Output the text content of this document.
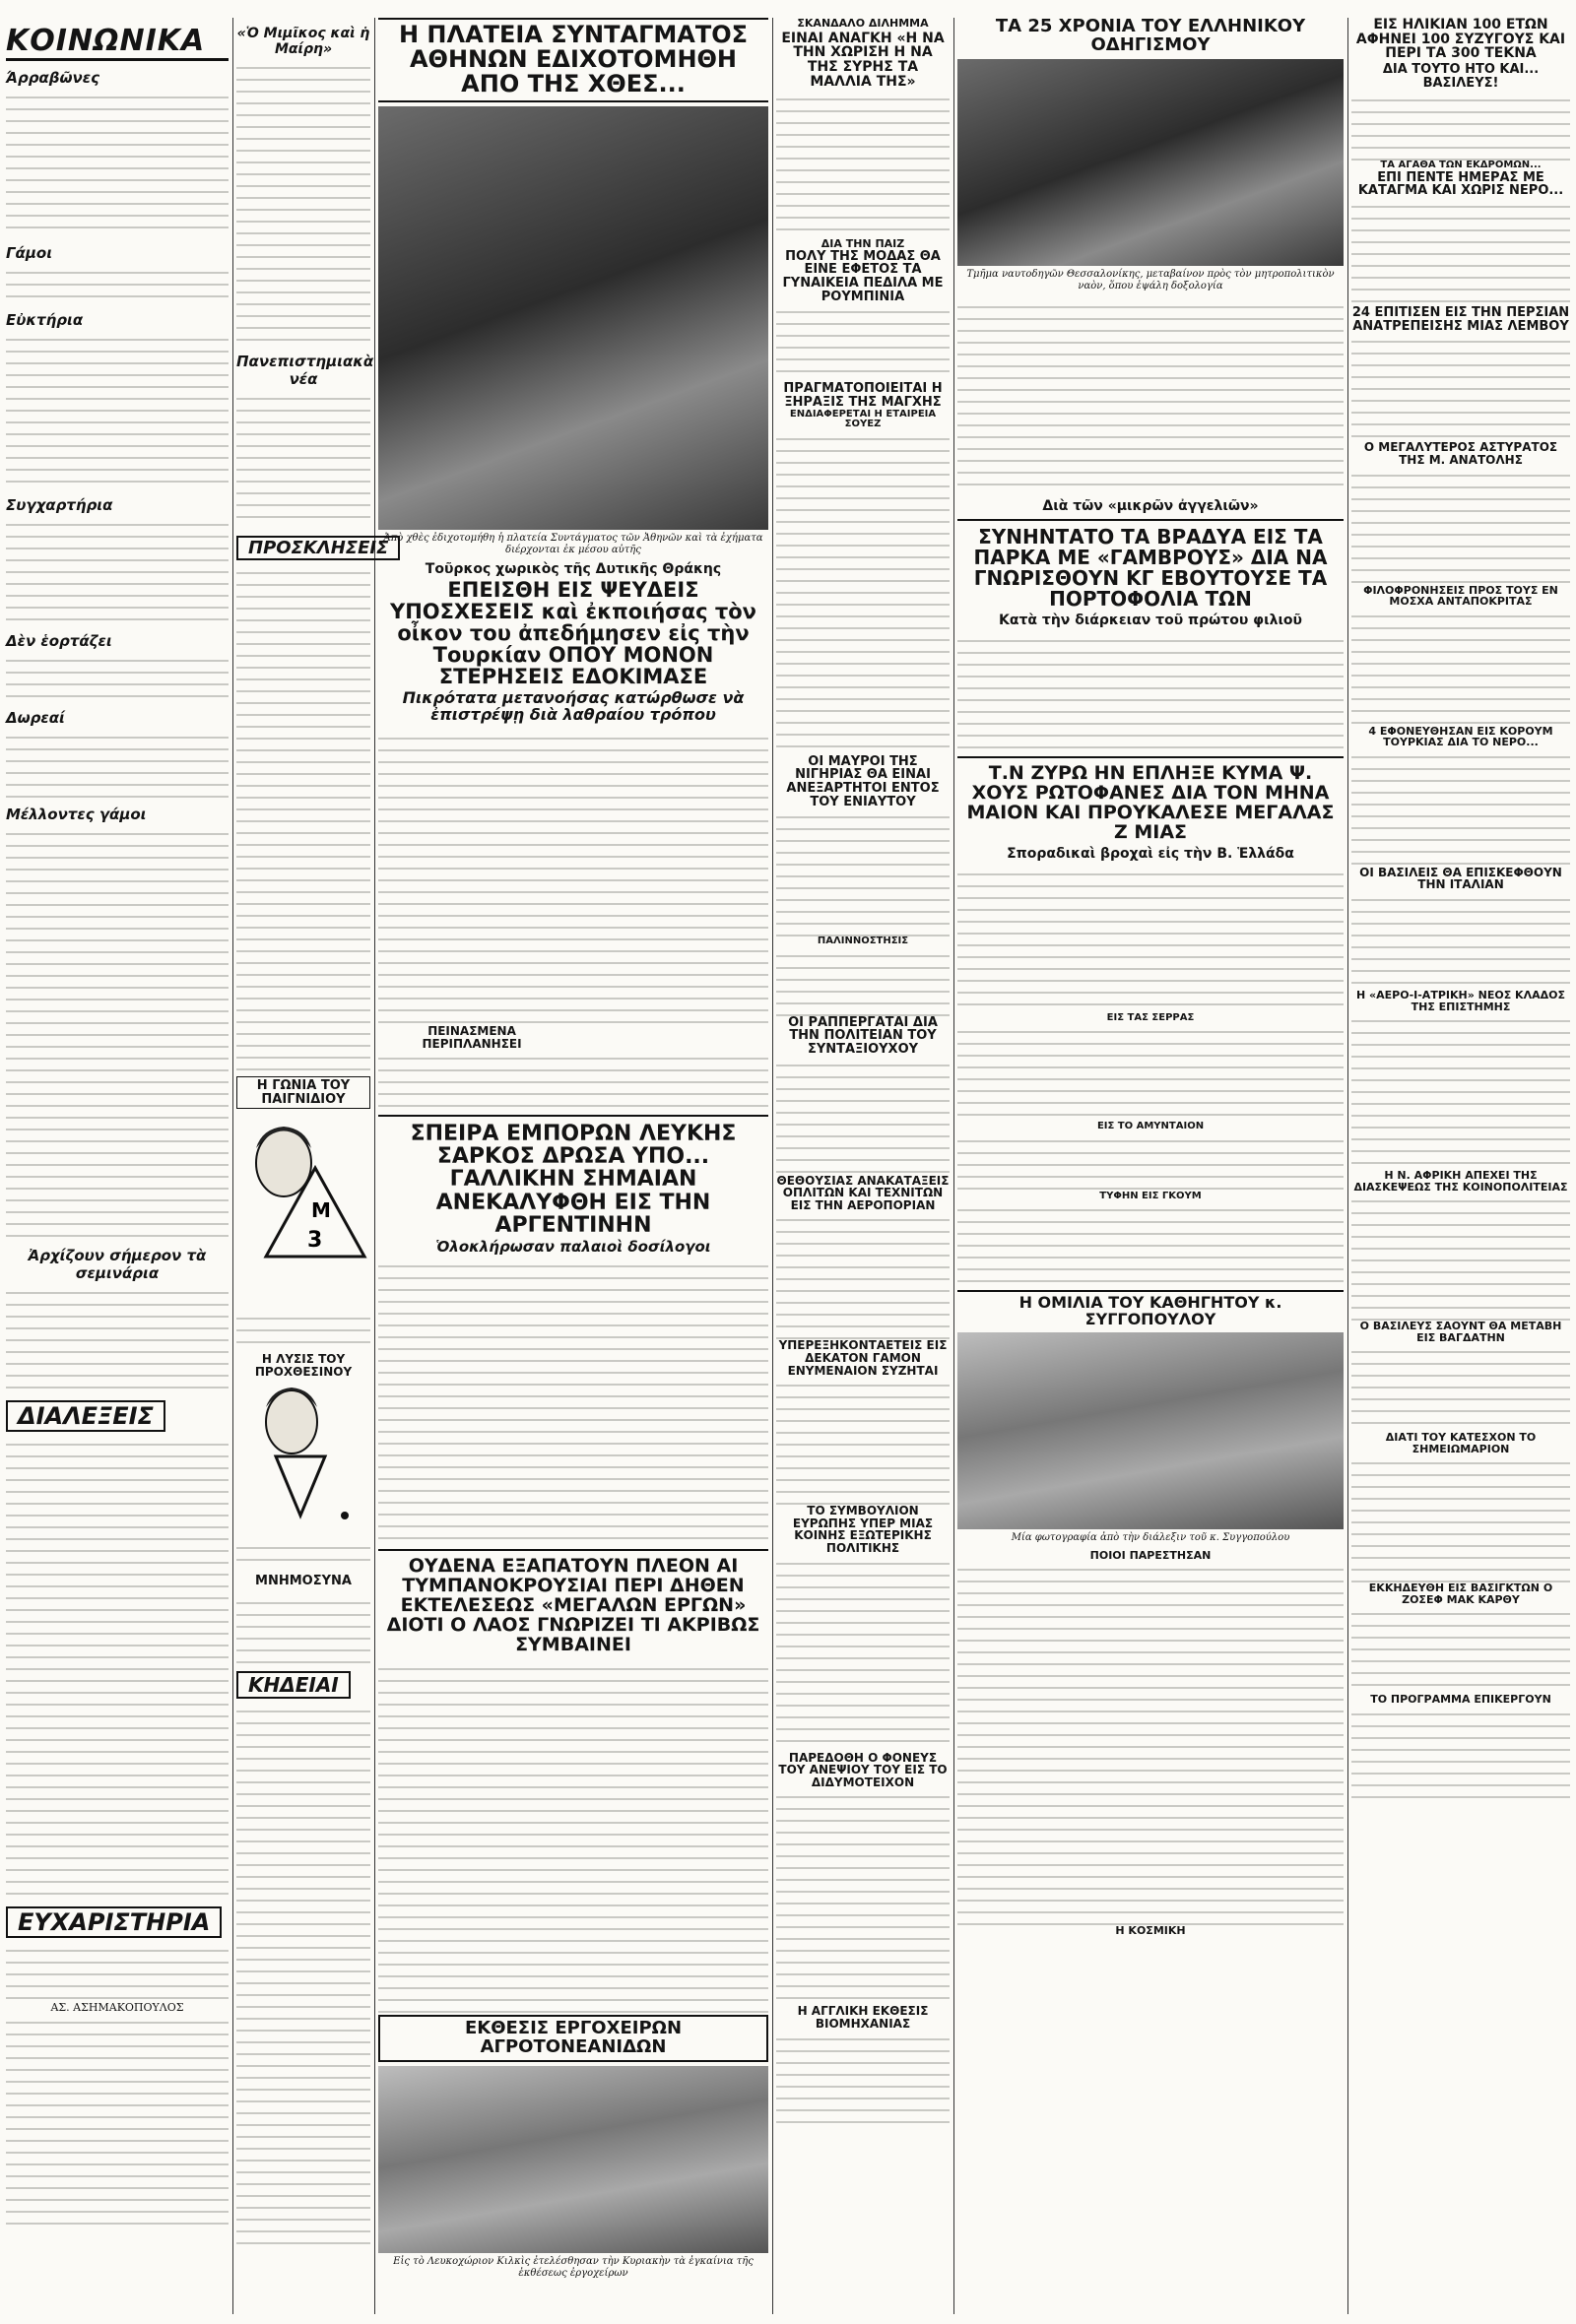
ΚΟΙΝΩΝΙΚΑ
Άρραβῶνες
Γάμοι
Εὐκτήρια
Συγχαρτήρια
Δὲν ἑορτάζει
Δωρεαί
Μέλλοντες γάμοι
Ἀρχίζουν σήμερον τὰ σεμινάρια
ΔΙΑΛΕΞΕΙΣ
ΕΥΧΑΡΙΣΤΗΡΙΑ
ΑΣ. ΑΣΗΜΑΚΟΠΟΥΛΟΣ
«Ὁ Μιμῖκος καὶ ἡ Μαίρη»
Πανεπιστημιακὰ νέα
ΠΡΟΣΚΛΗΣΕΙΣ
Η ΓΩΝΙΑ ΤΟΥ ΠΑΙΓΝΙΔΙΟΥ
M
3
Η ΛΥΣΙΣ ΤΟΥ ΠΡΟΧΘΕΣΙΝΟΥ
ΜΝΗΜΟΣΥΝΑ
ΚΗΔΕΙΑΙ
Η ΠΛΑΤΕΙΑ ΣΥΝΤΑΓΜΑΤΟΣ ΑΘΗΝΩΝ ΕΔΙΧΟΤΟΜΗΘΗ ΑΠΟ ΤΗΣ ΧΘΕΣ...
Ἀπὸ χθὲς ἐδιχοτομήθη ἡ πλατεία Συντάγματος τῶν Ἀθηνῶν καὶ τὰ ἐχήματα διέρχονται ἐκ μέσου αὐτῆς
Τοῦρκος χωρικὸς τῆς Δυτικῆς Θράκης
ΕΠΕΙΣΘΗ ΕΙΣ ΨΕΥΔΕΙΣ ΥΠΟΣΧΕΣΕΙΣ καὶ ἐκποιήσας τὸν οἶκον του ἀπεδήμησεν εἰς τὴν Τουρκίαν ΟΠΟΥ ΜΟΝΟΝ ΣΤΕΡΗΣΕΙΣ ΕΔΟΚΙΜΑΣΕ
Πικρότατα μετανοήσας κατώρθωσε νὰ ἐπιστρέψῃ διὰ λαθραίου τρόπου
ΠΕΙΝΑΣΜΕΝΑ ΠΕΡΙΠΛΑΝΗΣΕΙ
ΣΠΕΙΡΑ ΕΜΠΟΡΩΝ ΛΕΥΚΗΣ ΣΑΡΚΟΣ ΔΡΩΣΑ ΥΠΟ... ΓΑΛΛΙΚΗΝ ΣΗΜΑΙΑΝ ΑΝΕΚΑΛΥΦΘΗ ΕΙΣ ΤΗΝ ΑΡΓΕΝΤΙΝΗΝ
Ὁλοκλήρωσαν παλαιοὶ δοσίλογοι
ΟΥΔΕΝΑ ΕΞΑΠΑΤΟΥΝ ΠΛΕΟΝ ΑΙ ΤΥΜΠΑΝΟΚΡΟΥΣΙΑΙ ΠΕΡΙ ΔΗΘΕΝ ΕΚΤΕΛΕΣΕΩΣ «ΜΕΓΑΛΩΝ ΕΡΓΩΝ» ΔΙΟΤΙ Ο ΛΑΟΣ ΓΝΩΡΙΖΕΙ ΤΙ ΑΚΡΙΒΩΣ ΣΥΜΒΑΙΝΕΙ
ΕΚΘΕΣΙΣ ΕΡΓΟΧΕΙΡΩΝ ΑΓΡΟΤΟΝΕΑΝΙΔΩΝ
Εἰς τὸ Λευκοχώριον Κιλκὶς ἐτελέσθησαν τὴν Κυριακὴν τὰ ἐγκαίνια τῆς ἐκθέσεως ἐργοχείρων
ΣΚΑΝΔΑΛΟ ΔΙΛΗΜΜΑ
ΕΙΝΑΙ ΑΝΑΓΚΗ «Η ΝΑ ΤΗΝ ΧΩΡΙΣΗ Η ΝΑ ΤΗΣ ΣΥΡΗΣ ΤΑ ΜΑΛΛΙΑ ΤΗΣ»
ΔΙΑ ΤΗΝ ΠΑΙΖ
ΠΟΛΥ ΤΗΣ ΜΟΔΑΣ ΘΑ ΕΙΝΕ ΕΦΕΤΟΣ ΤΑ ΓΥΝΑΙΚΕΙΑ ΠΕΔΙΛΑ ΜΕ ΡΟΥΜΠΙΝΙΑ
ΠΡΑΓΜΑΤΟΠΟΙΕΙΤΑΙ Η ΞΗΡΑΞΙΣ ΤΗΣ ΜΑΓΧΗΣ
ΕΝΔΙΑΦΕΡΕΤΑΙ Η ΕΤΑΙΡΕΙΑ ΣΟΥΕΖ
ΟΙ ΜΑΥΡΟΙ ΤΗΣ ΝΙΓΗΡΙΑΣ ΘΑ ΕΙΝΑΙ ΑΝΕΞΑΡΤΗΤΟΙ ΕΝΤΟΣ ΤΟΥ ΕΝΙΑΥΤΟΥ
ΠΑΛΙΝΝΟΣΤΗΣΙΣ
ΟΙ ΡΑΠΠΕΡΓΑΤΑΙ ΔΙΑ ΤΗΝ ΠΟΛΙΤΕΙΑΝ ΤΟΥ ΣΥΝΤΑΞΙΟΥΧΟΥ
ΘΕΘΟΥΣΙΑΣ ΑΝΑΚΑΤΑΞΕΙΣ ΟΠΛΙΤΩΝ ΚΑΙ ΤΕΧΝΙΤΩΝ ΕΙΣ ΤΗΝ ΑΕΡΟΠΟΡΙΑΝ
ΥΠΕΡΕΞΗΚΟΝΤΑΕΤΕΙΣ ΕΙΣ ΔΕΚΑΤΟΝ ΓΑΜΟΝ ΕΝΥΜΕΝΑΙΟΝ ΣΥΖΗΤΑΙ
ΤΟ ΣΥΜΒΟΥΛΙΟΝ ΕΥΡΩΠΗΣ ΥΠΕΡ ΜΙΑΣ ΚΟΙΝΗΣ ΕΞΩΤΕΡΙΚΗΣ ΠΟΛΙΤΙΚΗΣ
ΠΑΡΕΔΟΘΗ Ο ΦΟΝΕΥΣ ΤΟΥ ΑΝΕΨΙΟΥ ΤΟΥ ΕΙΣ ΤΟ ΔΙΔΥΜΟΤΕΙΧΟΝ
Η ΑΓΓΛΙΚΗ ΕΚΘΕΣΙΣ ΒΙΟΜΗΧΑΝΙΑΣ
ΤΑ 25 ΧΡΟΝΙΑ ΤΟΥ ΕΛΛΗΝΙΚΟΥ ΟΔΗΓΙΣΜΟΥ
Τμῆμα ναυτοδηγῶν Θεσσαλονίκης, μεταβαίνον πρὸς τὸν μητροπολιτικὸν ναὸν, ὅπου ἐψάλη δοξολογία
Διὰ τῶν «μικρῶν ἀγγελιῶν»
ΣΥΝΗΝΤΑΤΟ ΤΑ ΒΡΑΔΥΑ ΕΙΣ ΤΑ ΠΑΡΚΑ ΜΕ «ΓΑΜΒΡΟΥΣ» ΔΙΑ ΝΑ ΓΝΩΡΙΣΘΟΥΝ ΚΓ ΕΒΟΥΤΟΥΣΕ ΤΑ ΠΟΡΤΟΦΟΛΙΑ ΤΩΝ
Κατὰ τὴν διάρκειαν τοῦ πρώτου φιλιοῦ
Τ.Ν ΖΥΡΩ ΗΝ ΕΠΛΗΞΕ ΚΥΜΑ Ψ. ΧΟΥΣ ΡΩΤΟΦΑΝΕΣ ΔΙΑ ΤΟΝ ΜΗΝΑ ΜΑΙΟΝ ΚΑΙ ΠΡΟΥΚΑΛΕΣΕ ΜΕΓΑΛΑΣ Ζ ΜΙΑΣ
Σποραδικαὶ βροχαὶ εἰς τὴν Β. Ἑλλάδα
ΕΙΣ ΤΑΣ ΣΕΡΡΑΣ
ΕΙΣ ΤΟ ΑΜΥΝΤΑΙΟΝ
ΤΥΦΗΝ ΕΙΣ ΓΚΟΥΜ
Η ΟΜΙΛΙΑ ΤΟΥ ΚΑΘΗΓΗΤΟΥ κ. ΣΥΓΓΟΠΟΥΛΟΥ
Μία φωτογραφία ἀπὸ τὴν διάλεξιν τοῦ κ. Συγγοπούλου
ΠΟΙΟΙ ΠΑΡΕΣΤΗΣΑΝ
Η ΚΟΣΜΙΚΗ
ΕΙΣ ΗΛΙΚΙΑΝ 100 ΕΤΩΝ ΑΦΗΝΕΙ 100 ΣΥΖΥΓΟΥΣ ΚΑΙ ΠΕΡΙ ΤΑ 300 ΤΕΚΝΑ
ΔΙΑ ΤΟΥΤΟ ΗΤΟ ΚΑΙ... ΒΑΣΙΛΕΥΣ!
ΤΑ ΑΓΑΘΑ ΤΩΝ ΕΚΔΡΟΜΩΝ...
ΕΠΙ ΠΕΝΤΕ ΗΜΕΡΑΣ ΜΕ ΚΑΤΑΓΜΑ ΚΑΙ ΧΩΡΙΣ ΝΕΡΟ...
24 ΕΠΙΤΙΣΕΝ ΕΙΣ ΤΗΝ ΠΕΡΣΙΑΝ ΑΝΑΤΡΕΠΕΙΣΗΣ ΜΙΑΣ ΛΕΜΒΟΥ
Ο ΜΕΓΑΛΥΤΕΡΟΣ ΑΣΤΥΡΑΤΟΣ ΤΗΣ Μ. ΑΝΑΤΟΛΗΣ
ΦΙΛΟΦΡΟΝΗΣΕΙΣ ΠΡΟΣ ΤΟΥΣ ΕΝ ΜΟΣΧΑ ΑΝΤΑΠΟΚΡΙΤΑΣ
4 ΕΦΟΝΕΥΘΗΣΑΝ ΕΙΣ ΚΟΡΟΥΜ ΤΟΥΡΚΙΑΣ ΔΙΑ ΤΟ ΝΕΡΟ...
ΟΙ ΒΑΣΙΛΕΙΣ ΘΑ ΕΠΙΣΚΕΦΘΟΥΝ ΤΗΝ ΙΤΑΛΙΑΝ
Η «ΑΕΡΟ-Ι-ΑΤΡΙΚΗ» ΝΕΟΣ ΚΛΑΔΟΣ ΤΗΣ ΕΠΙΣΤΗΜΗΣ
Η Ν. ΑΦΡΙΚΗ ΑΠΕΧΕΙ ΤΗΣ ΔΙΑΣΚΕΨΕΩΣ ΤΗΣ ΚΟΙΝΟΠΟΛΙΤΕΙΑΣ
Ο ΒΑΣΙΛΕΥΣ ΣΑΟΥΝΤ ΘΑ ΜΕΤΑΒΗ ΕΙΣ ΒΑΓΔΑΤΗΝ
ΔΙΑΤΙ ΤΟΥ ΚΑΤΕΣΧΟΝ ΤΟ ΣΗΜΕΙΩΜΑΡΙΟΝ
ΕΚΚΗΔΕΥΘΗ ΕΙΣ ΒΑΣΙΓΚΤΩΝ Ο ΖΟΣΕΦ ΜΑΚ ΚΑΡΘΥ
ΤΟ ΠΡΟΓΡΑΜΜΑ ΕΠΙΚΕΡΓΟΥΝ
